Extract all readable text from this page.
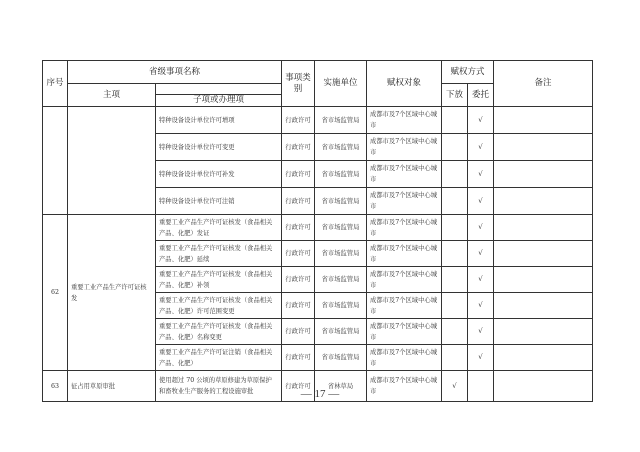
序号	省级事项名称		事项类别	实施单位	赋权对象	赋权方式		备注
	主项					下放	委托	
		子项或办理项						
		特种设备设计单位许可增项	行政许可	省市场监管局	成都市及7个区域中心城市		√	
		特种设备设计单位许可变更	行政许可	省市场监管局	成都市及7个区域中心城市		√	
		特种设备设计单位许可补发	行政许可	省市场监管局	成都市及7个区域中心城市		√	
		特种设备设计单位许可注销	行政许可	省市场监管局	成都市及7个区域中心城市		√	
62	重要工业产品生产许可证核发	重要工业产品生产许可证核发（食品相关产品、化肥）发证	行政许可	省市场监管局	成都市及7个区域中心城市		√	
		重要工业产品生产许可证核发（食品相关产品、化肥）延续	行政许可	省市场监管局	成都市及7个区域中心城市		√	
		重要工业产品生产许可证核发（食品相关产品、化肥）补领	行政许可	省市场监管局	成都市及7个区域中心城市		√	
		重要工业产品生产许可证核发（食品相关产品、化肥）许可范围变更	行政许可	省市场监管局	成都市及7个区域中心城市		√	
		重要工业产品生产许可证核发（食品相关产品、化肥）名称变更	行政许可	省市场监管局	成都市及7个区域中心城市		√	
		重要工业产品生产许可证注销（食品相关产品、化肥）	行政许可	省市场监管局	成都市及7个区域中心城市		√	
63	征占用草原审批	使用超过 70 公顷的草原修建为草原保护和畜牧业生产服务的工程设施审批	行政许可	省林草局	成都市及7个区域中心城市	√		
— 17 —
